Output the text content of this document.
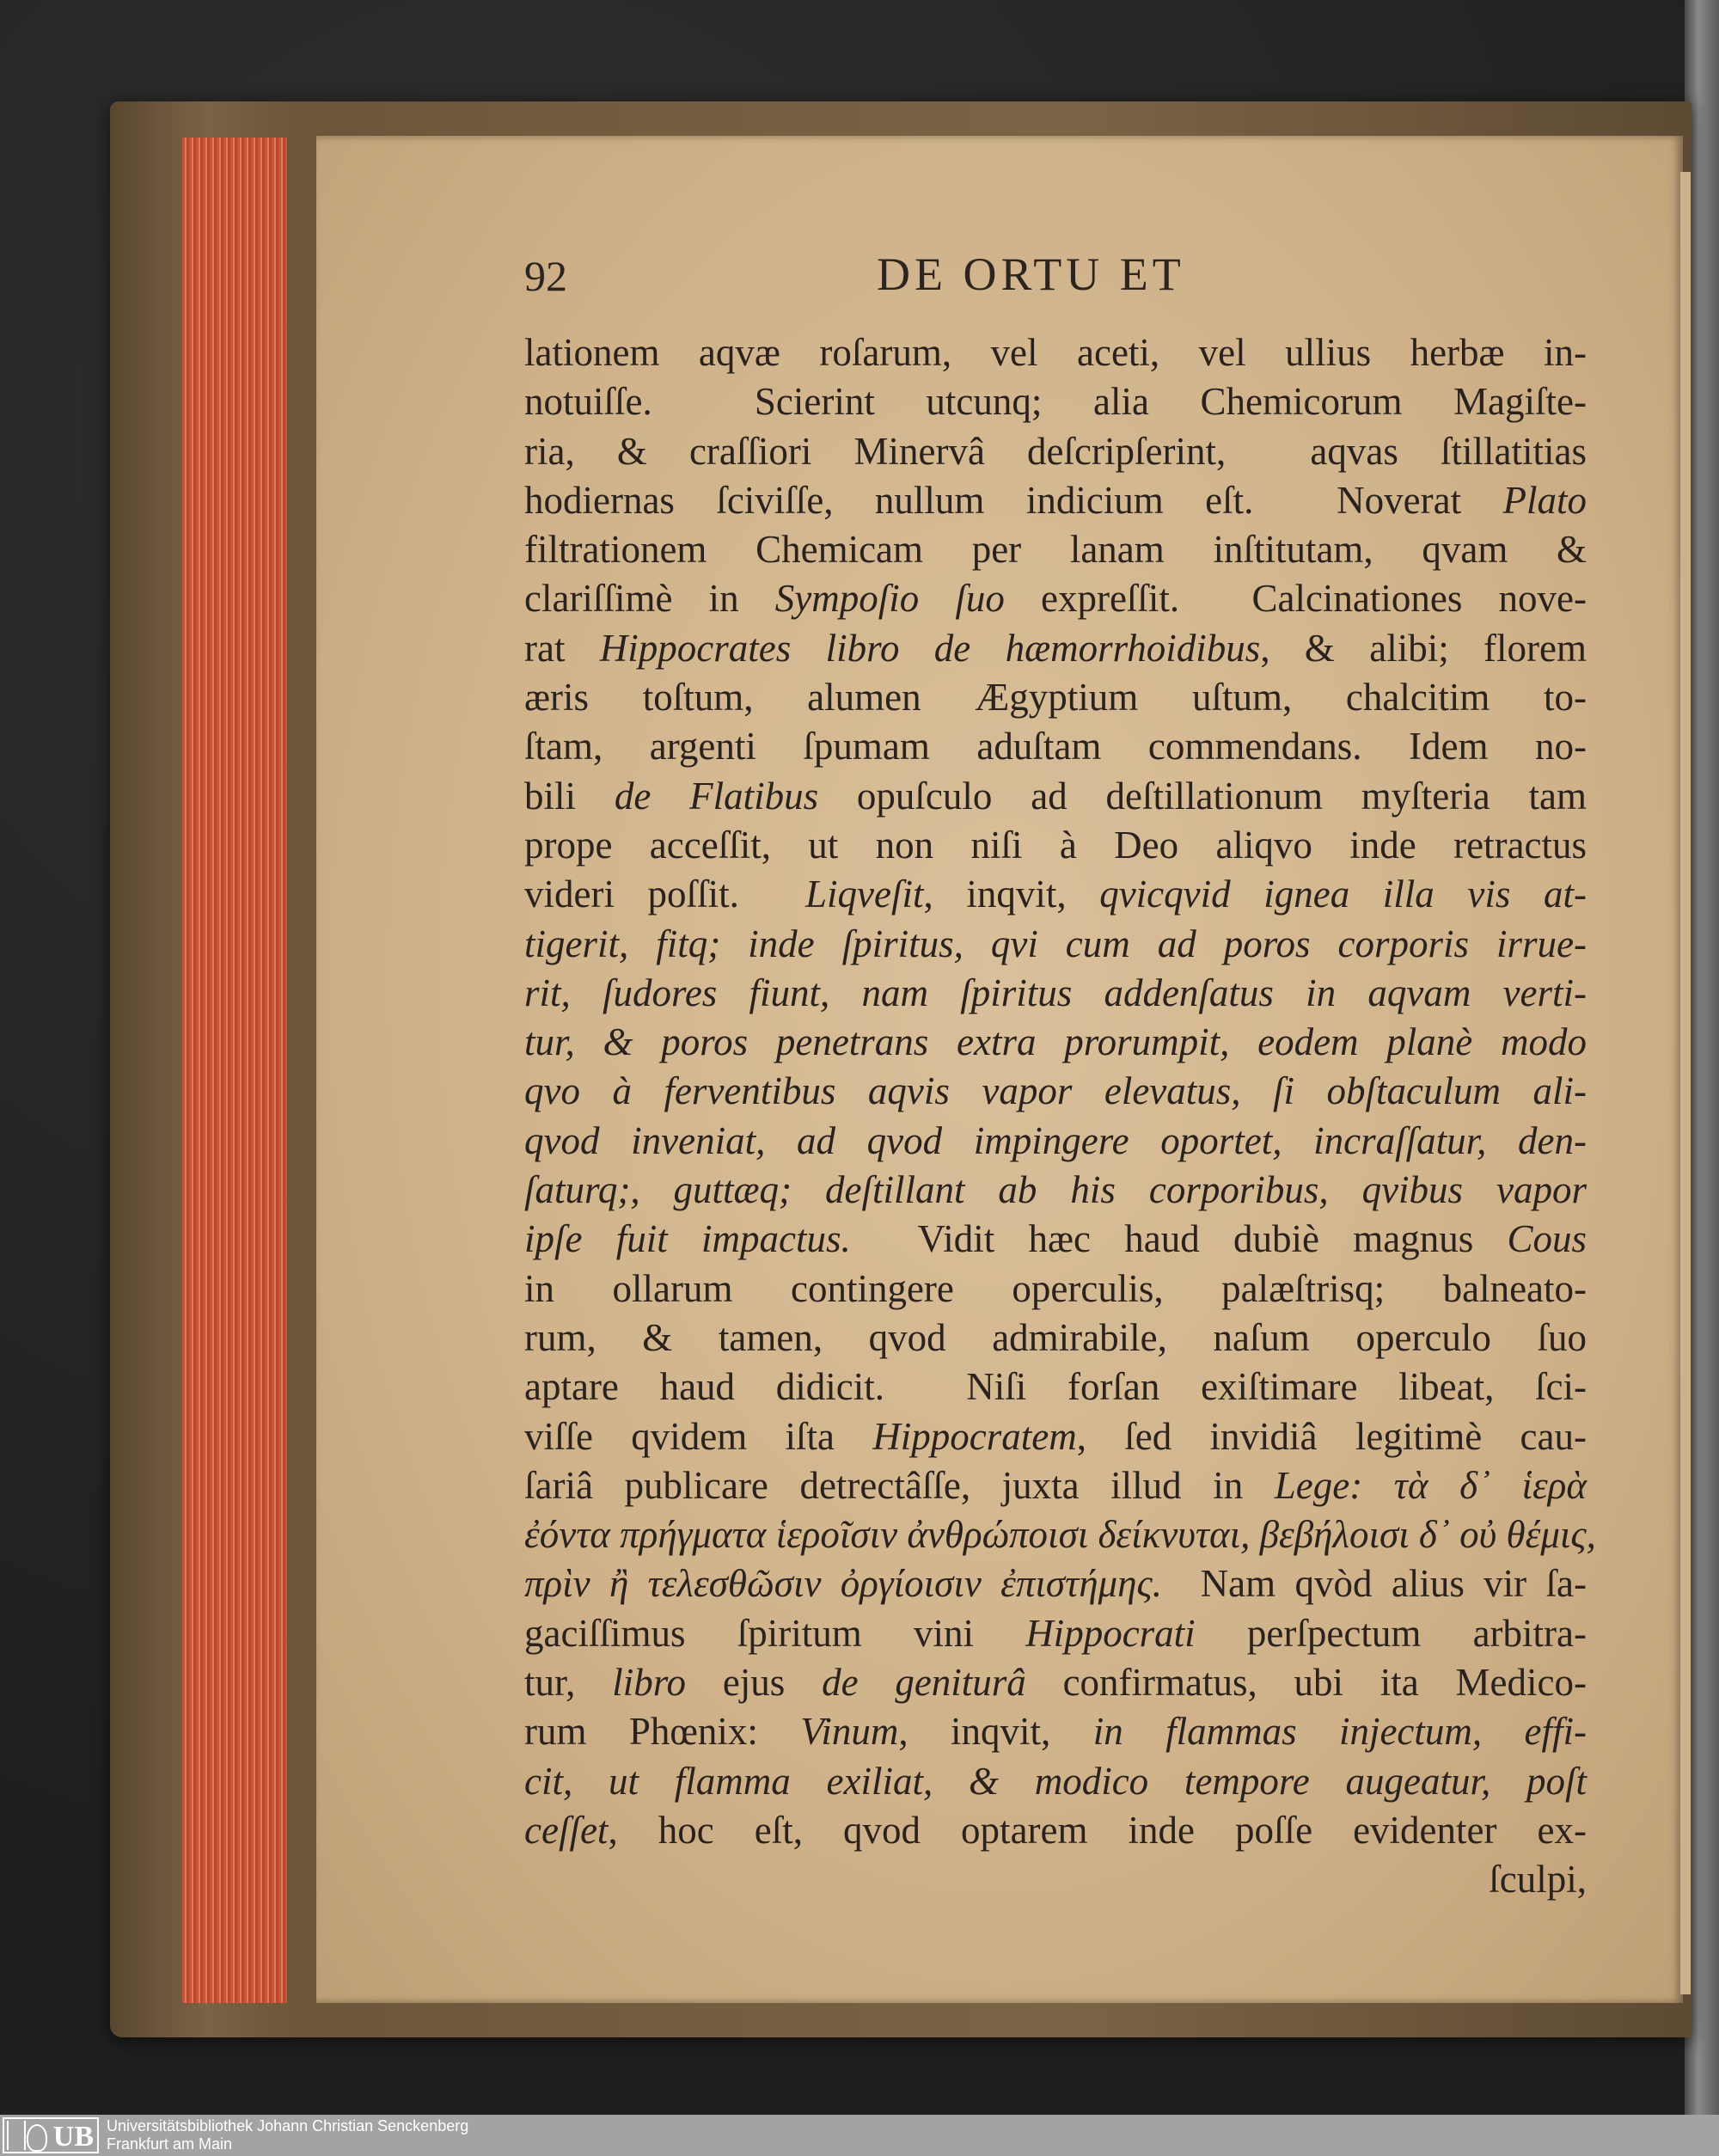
92	DE ORTU ET
lationem aqvæ roſarum, vel aceti, vel ullius herbæ in-
notuiſſe.  Scierint utcunq; alia Chemicorum Magiſte-
ria, & craſſiori Minervâ deſcripſerint,  aqvas ſtillatitias
hodiernas ſciviſſe, nullum indicium eſt.  Noverat Plato
filtrationem Chemicam per lanam inſtitutam, qvam &
clariſſimè in Sympoſio ſuo expreſſit.  Calcinationes nove-
rat Hippocrates libro de hæmorrhoidibus, & alibi; florem
æris toſtum, alumen Ægyptium uſtum, chalcitim to-
ſtam, argenti ſpumam aduſtam commendans. Idem no-
bili de Flatibus opuſculo ad deſtillationum myſteria tam
prope acceſſit, ut non niſi à Deo aliqvo inde retractus
videri poſſit.  Liqveſit, inqvit, qvicqvid ignea illa vis at-
tigerit, fitq; inde ſpiritus, qvi cum ad poros corporis irrue-
rit, ſudores fiunt, nam ſpiritus addenſatus in aqvam verti-
tur, & poros penetrans extra prorumpit, eodem planè modo
qvo à ferventibus aqvis vapor elevatus, ſi obſtaculum ali-
qvod inveniat, ad qvod impingere oportet, incraſſatur, den-
ſaturq;, guttæq; deſtillant ab his corporibus, qvibus vapor
ipſe fuit impactus.  Vidit hæc haud dubiè magnus Cous
in ollarum contingere operculis, palæſtrisq; balneato-
rum, & tamen, qvod admirabile, naſum operculo ſuo
aptare haud didicit.  Niſi forſan exiſtimare libeat, ſci-
viſſe qvidem iſta Hippocratem, ſed invidiâ legitimè cau-
ſariâ publicare detrectâſſe, juxta illud in Lege: τὰ δ᾽ ἱερὰ
ἐόντα πρήγματα ἱεροῖσιν ἀνθρώποισι δείκνυται, βεβήλοισι δ᾽ οὐ θέμις,
πρὶν ἢ τελεσθῶσιν ὀργίοισιν ἐπιστήμης.  Nam qvòd alius vir ſa-
gaciſſimus ſpiritum vini Hippocrati perſpectum arbitra-
tur, libro ejus de geniturâ confirmatus, ubi ita Medico-
rum Phœnix: Vinum, inqvit, in flammas injectum, effi-
cit, ut flamma exiliat, & modico tempore augeatur, poſt
ceſſet, hoc eſt, qvod optarem inde poſſe evidenter ex-
ſculpi,
UB Universitätsbibliothek Johann Christian Senckenberg
Frankfurt am Main
